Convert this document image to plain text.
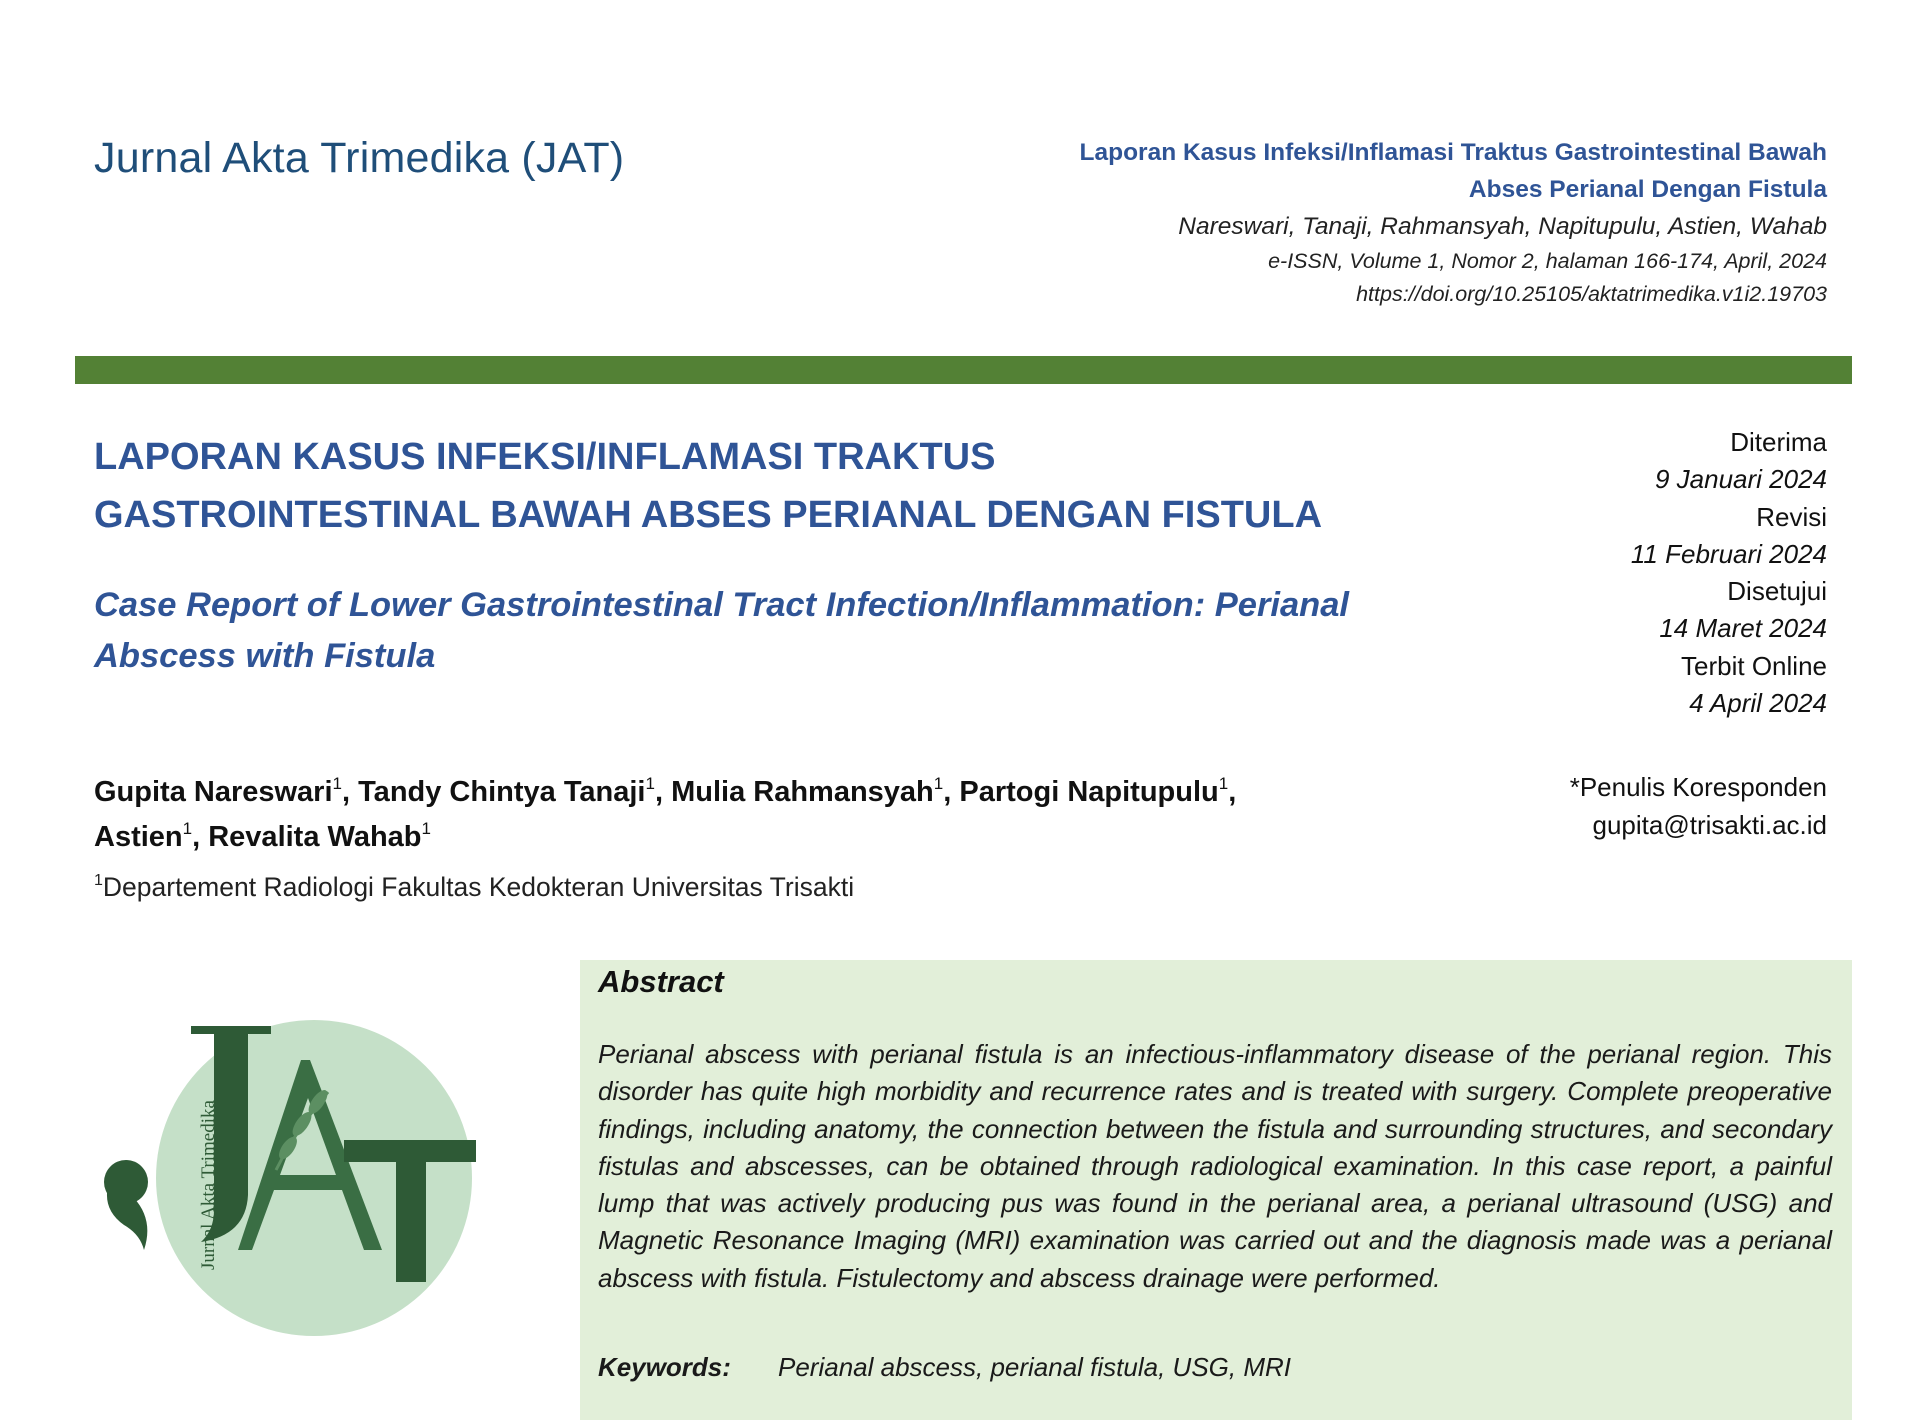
Jurnal Akta Trimedika (JAT)	Laporan Kasus Infeksi/Inflamasi Traktus Gastrointestinal Bawah
Abses Perianal Dengan Fistula
Nareswari, Tanaji, Rahmansyah, Napitupulu, Astien, Wahab
e-ISSN, Volume 1, Nomor 2, halaman 166-174, April, 2024
https://doi.org/10.25105/aktatrimedika.v1i2.19703
LAPORAN KASUS INFEKSI/INFLAMASI TRAKTUS
GASTROINTESTINAL BAWAH ABSES PERIANAL DENGAN FISTULA
Case Report of Lower Gastrointestinal Tract Infection/Inflammation: Perianal
Abscess with Fistula
Diterima
9 Januari 2024
Revisi
11 Februari 2024
Disetujui
14 Maret 2024
Terbit Online
4 April 2024
Gupita Nareswari$^1$, Tandy Chintya Tanaji$^1$, Mulia Rahmansyah$^1$, Partogi Napitupulu$^1$,
Astien$^1$, Revalita Wahab$^1$
$^1$Departement Radiologi Fakultas Kedokteran Universitas Trisakti
*Penulis Koresponden
gupita@trisakti.ac.id
Jurnal Akta Trimedika
Abstract
Perianal abscess with perianal fistula is an infectious-inflammatory disease of the perianal region. This disorder has quite high morbidity and recurrence rates and is treated with surgery. Complete preoperative findings, including anatomy, the connection between the fistula and surrounding structures, and secondary fistulas and abscesses, can be obtained through radiological examination. In this case report, a painful lump that was actively producing pus was found in the perianal area, a perianal ultrasound (USG) and Magnetic Resonance Imaging (MRI) examination was carried out and the diagnosis made was a perianal abscess with fistula. Fistulectomy and abscess drainage were performed.
Keywords: Perianal abscess, perianal fistula, USG, MRI
